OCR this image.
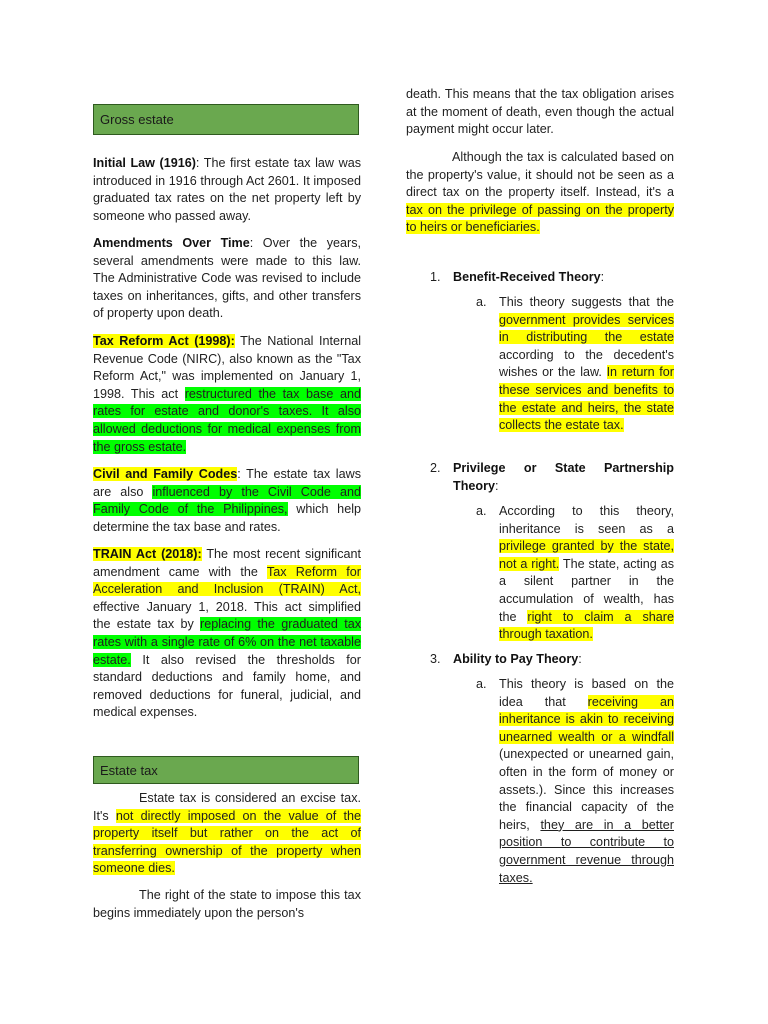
Gross estate

Initial Law (1916): The first estate tax law was introduced in 1916 through Act 2601. It imposed graduated tax rates on the net property left by someone who passed away.

Amendments Over Time: Over the years, several amendments were made to this law. The Administrative Code was revised to include taxes on inheritances, gifts, and other transfers of property upon death.

Tax Reform Act (1998): The National Internal Revenue Code (NIRC), also known as the "Tax Reform Act," was implemented on January 1, 1998. This act restructured the tax base and rates for estate and donor's taxes. It also allowed deductions for medical expenses from the gross estate.

Civil and Family Codes: The estate tax laws are also influenced by the Civil Code and Family Code of the Philippines, which help determine the tax base and rates.

TRAIN Act (2018): The most recent significant amendment came with the Tax Reform for Acceleration and Inclusion (TRAIN) Act, effective January 1, 2018. This act simplified the estate tax by replacing the graduated tax rates with a single rate of 6% on the net taxable estate. It also revised the thresholds for standard deductions and family home, and removed deductions for funeral, judicial, and medical expenses.

Estate tax

Estate tax is considered an excise tax. It's not directly imposed on the value of the property itself but rather on the act of transferring ownership of the property when someone dies.

The right of the state to impose this tax begins immediately upon the person's

death. This means that the tax obligation arises at the moment of death, even though the actual payment might occur later.

Although the tax is calculated based on the property's value, it should not be seen as a direct tax on the property itself. Instead, it's a tax on the privilege of passing on the property to heirs or beneficiaries.

1. Benefit-Received Theory:

a. This theory suggests that the government provides services in distributing the estate according to the decedent's wishes or the law. In return for these services and benefits to the estate and heirs, the state collects the estate tax.

2. Privilege or State Partnership Theory:

a. According to this theory, inheritance is seen as a privilege granted by the state, not a right. The state, acting as a silent partner in the accumulation of wealth, has the right to claim a share through taxation.

3. Ability to Pay Theory:

a. This theory is based on the idea that receiving an inheritance is akin to receiving unearned wealth or a windfall (unexpected or unearned gain, often in the form of money or assets.). Since this increases the financial capacity of the heirs, they are in a better position to contribute to government revenue through taxes.
